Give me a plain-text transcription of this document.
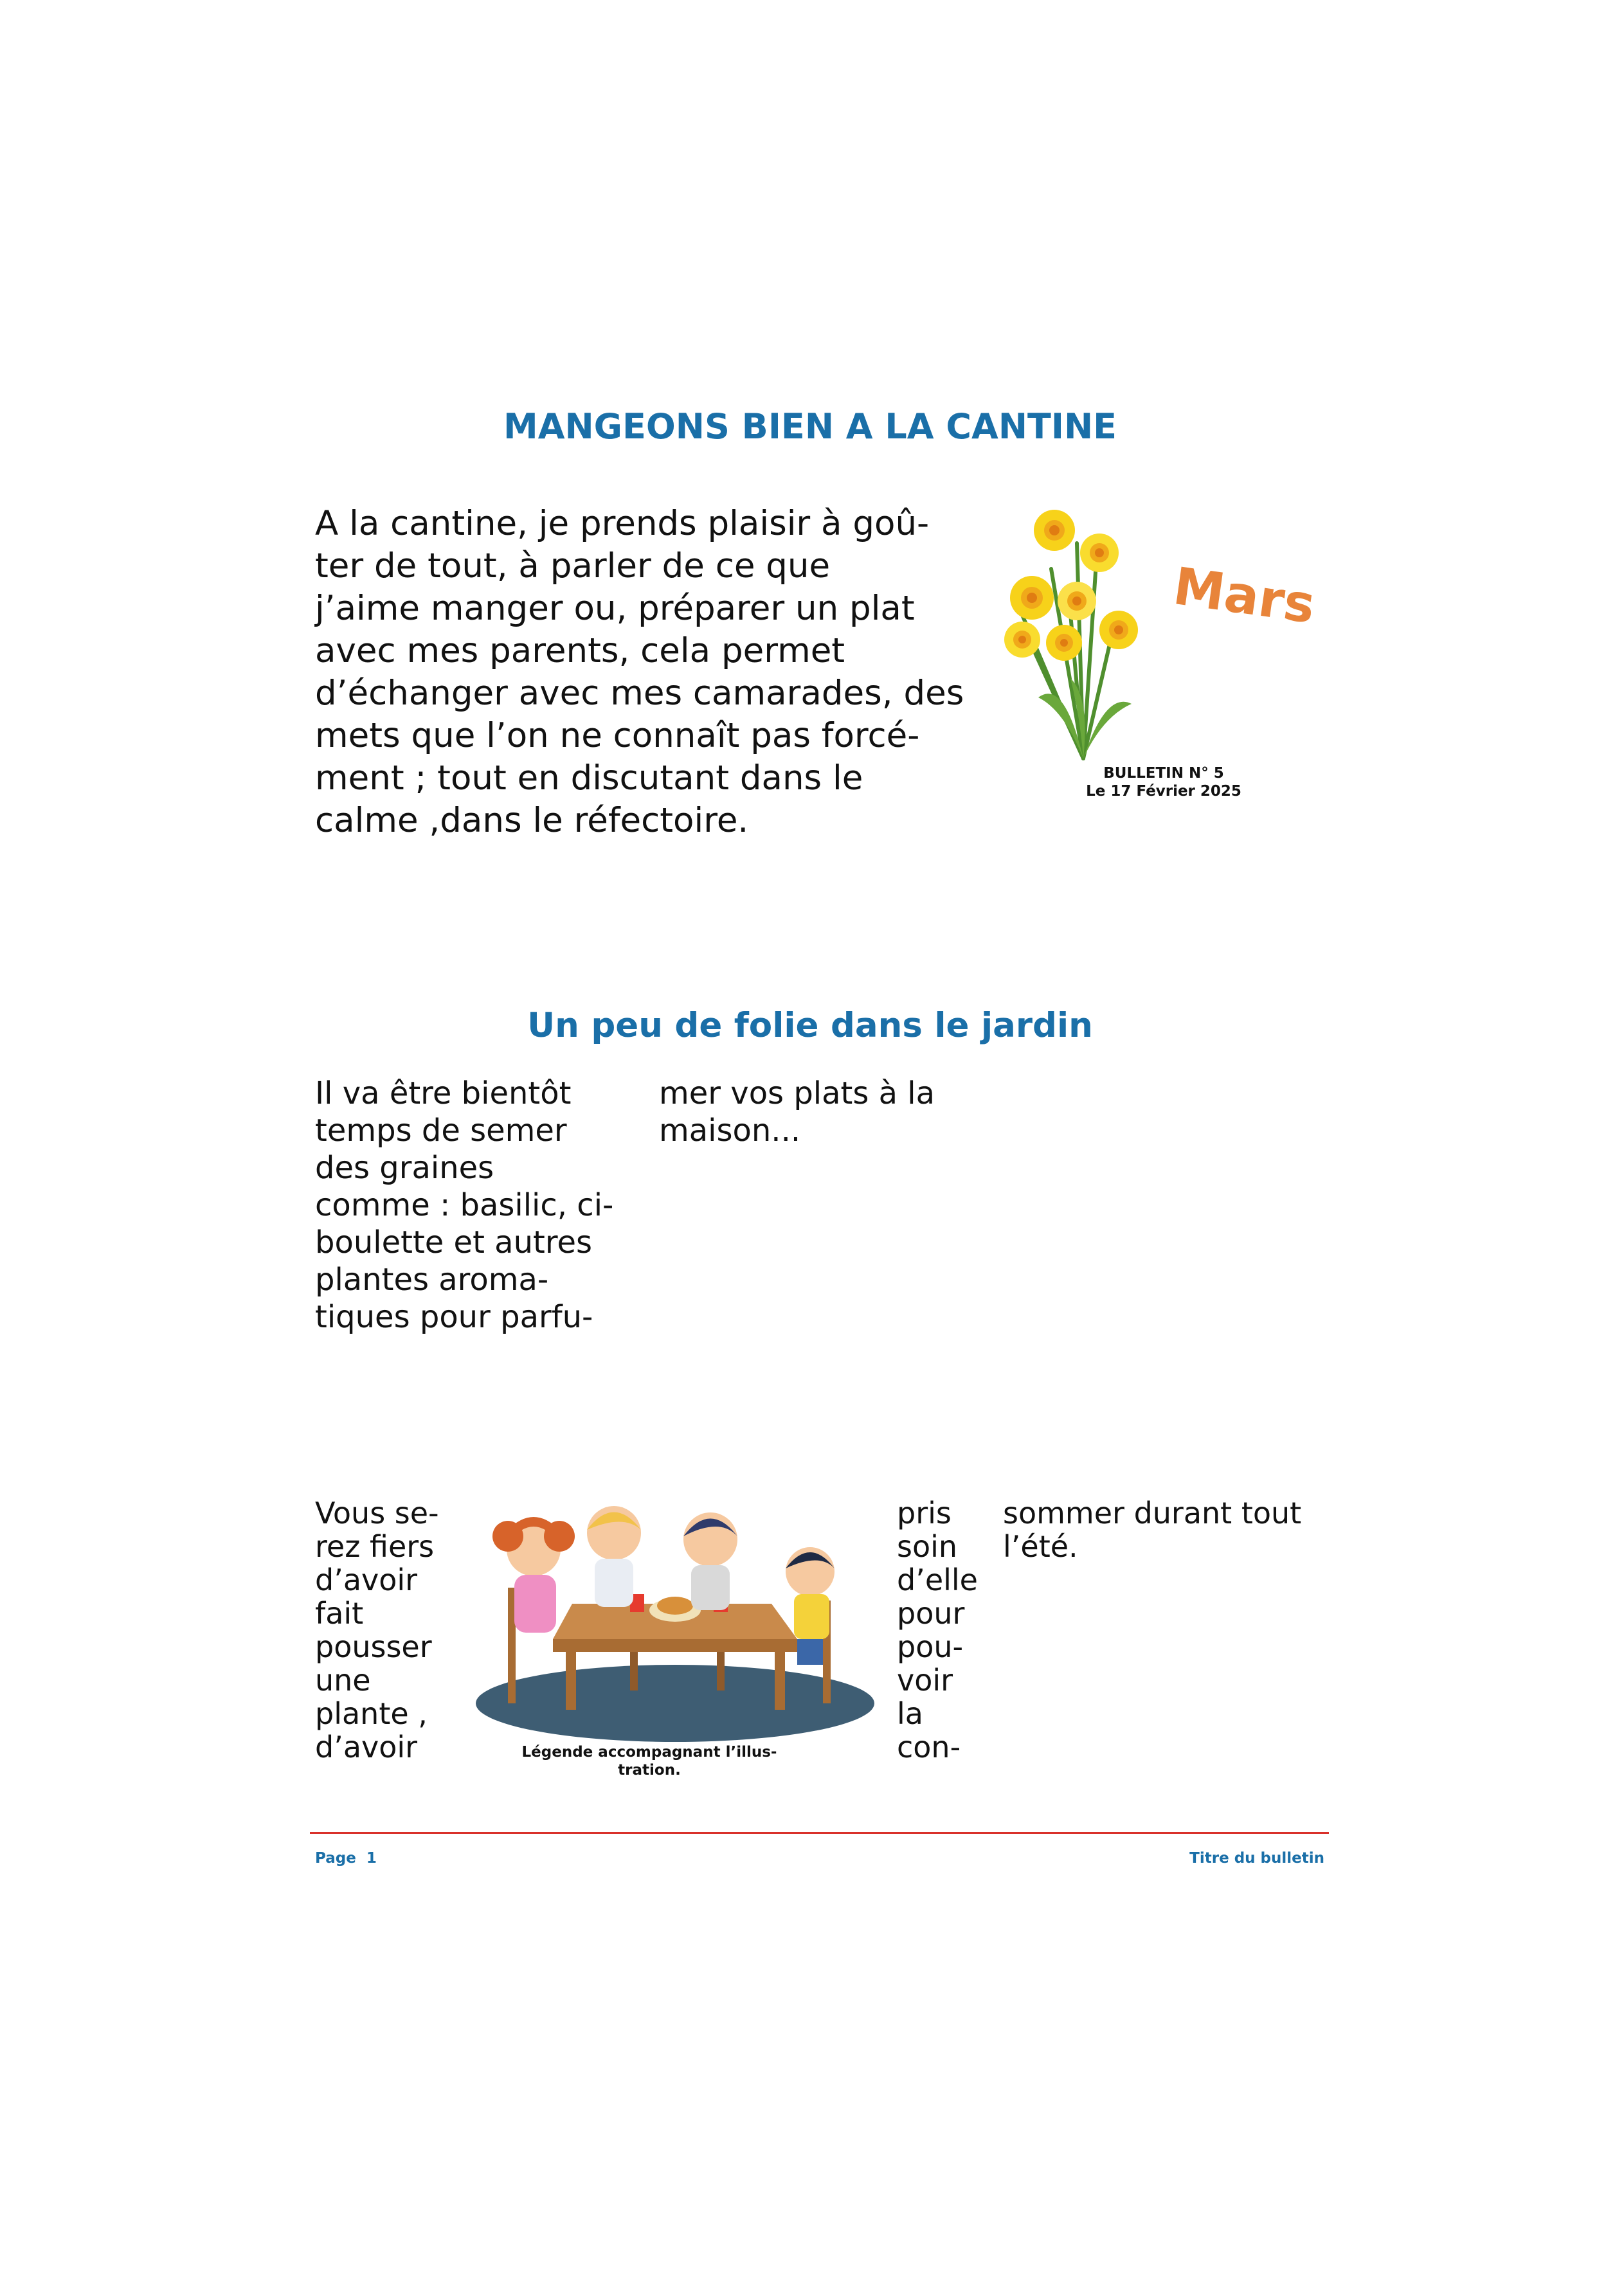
MANGEONS BIEN A LA CANTINE
A la cantine, je prends plaisir à goû-
ter de tout, à parler de ce que
j’aime manger ou, préparer un plat
avec mes parents, cela permet
d’échanger avec mes camarades, des
mets que l’on ne connaît pas forcé-
ment ; tout en discutant dans le
calme ,dans le réfectoire.
Mars
BULLETIN N° 5
Le 17 Février 2025
Un peu de folie dans le jardin
Il va être bientôt
temps de semer
des graines
comme : basilic, ci-
boulette et autres
plantes aroma-
tiques pour parfu-
mer vos plats à la
maison...
Vous se-
rez fiers
d’avoir
fait
pousser
une
plante ,
d’avoir	Légende accompagnant l’illus-
tration.
pris
soin
d’elle
pour
pou-
voir
la
con-
sommer durant tout
l’été.
Page  1	Titre du bulletin
